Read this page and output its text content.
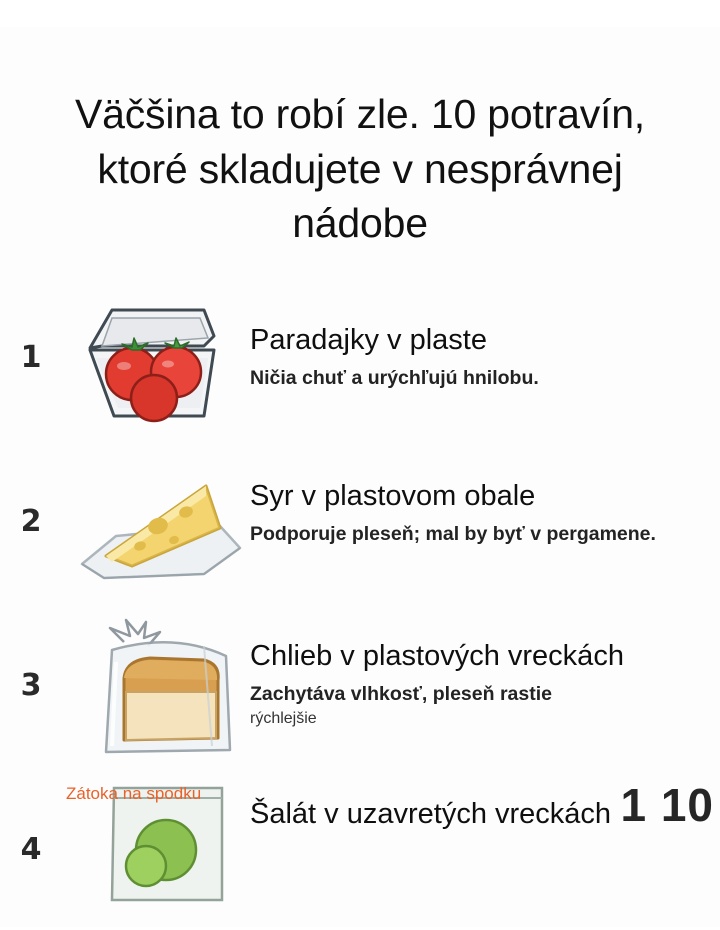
Väčšina to robí zle. 10 potravín, ktoré skladujete v nesprávnej nádobe
1	Paradajky v plaste
Ničia chuť a urýchľujú hnilobu.
2
Syr v plastovom obale
Podporuje pleseň; mal by byť v pergamene.
3
Chlieb v plastových vreckách
Zachytáva vlhkosť, pleseň rastie
rýchlejšie
4
Šalát v uzavretých vreckách 1 10
Zátoka na spodku
